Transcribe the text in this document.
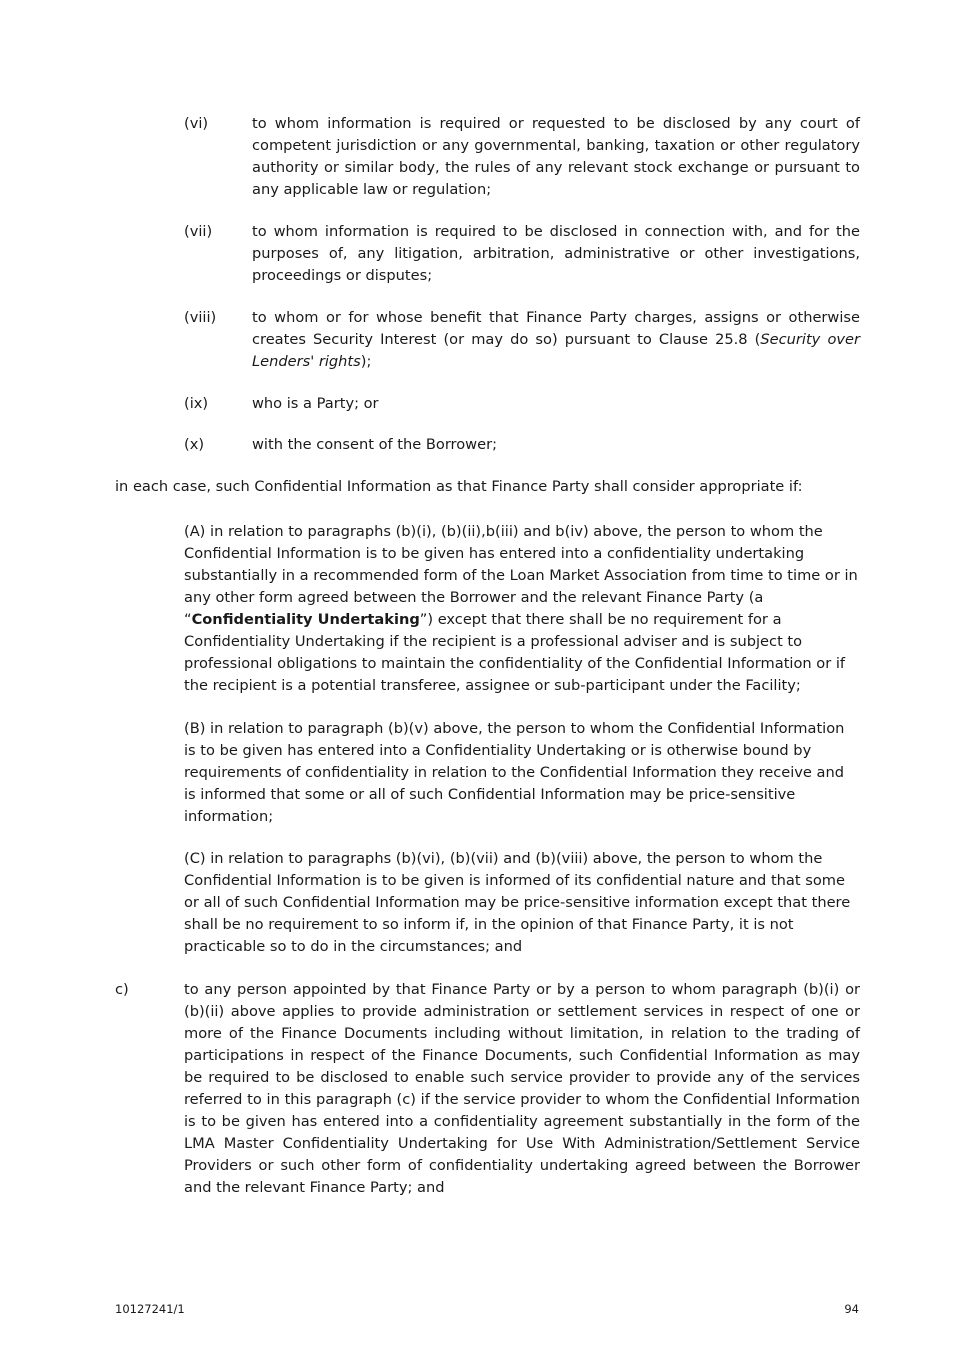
(vi)	to whom information is required or requested to be disclosed by any court of competent jurisdiction or any governmental, banking, taxation or other regulatory authority or similar body, the rules of any relevant stock exchange or pursuant to any applicable law or regulation;
(vii)	to whom information is required to be disclosed in connection with, and for the purposes of, any litigation, arbitration, administrative or other investigations, proceedings or disputes;
(viii) to whom or for whose benefit that Finance Party charges, assigns or otherwise creates Security Interest (or may do so) pursuant to Clause 25.8 (Security over Lenders' rights);
(ix)	who is a Party; or
(x)	with the consent of the Borrower;
in each case, such Confidential Information as that Finance Party shall consider appropriate if:
(A) in relation to paragraphs (b)(i), (b)(ii),b(iii) and b(iv) above, the person to whom the Confidential Information is to be given has entered into a confidentiality undertaking substantially in a recommended form of the Loan Market Association from time to time or in any other form agreed between the Borrower and the relevant Finance Party (a “Confidentiality Undertaking”) except that there shall be no requirement for a Confidentiality Undertaking if the recipient is a professional adviser and is subject to professional obligations to maintain the confidentiality of the Confidential Information or if the recipient is a potential transferee, assignee or sub-participant under the Facility;
(B) in relation to paragraph (b)(v) above, the person to whom the Confidential Information is to be given has entered into a Confidentiality Undertaking or is otherwise bound by requirements of confidentiality in relation to the Confidential Information they receive and is informed that some or all of such Confidential Information may be price-sensitive information;
(C) in relation to paragraphs (b)(vi), (b)(vii) and (b)(viii) above, the person to whom the Confidential Information is to be given is informed of its confidential nature and that some or all of such Confidential Information may be price-sensitive information except that there shall be no requirement to so inform if, in the opinion of that Finance Party, it is not practicable so to do in the circumstances; and
c)	to any person appointed by that Finance Party or by a person to whom paragraph (b)(i) or (b)(ii) above applies to provide administration or settlement services in respect of one or more of the Finance Documents including without limitation, in relation to the trading of participations in respect of the Finance Documents, such Confidential Information as may be required to be disclosed to enable such service provider to provide any of the services referred to in this paragraph (c) if the service provider to whom the Confidential Information is to be given has entered into a confidentiality agreement substantially in the form of the LMA Master Confidentiality Undertaking for Use With Administration/Settlement Service Providers or such other form of confidentiality undertaking agreed between the Borrower and the relevant Finance Party; and
10127241/1	94
